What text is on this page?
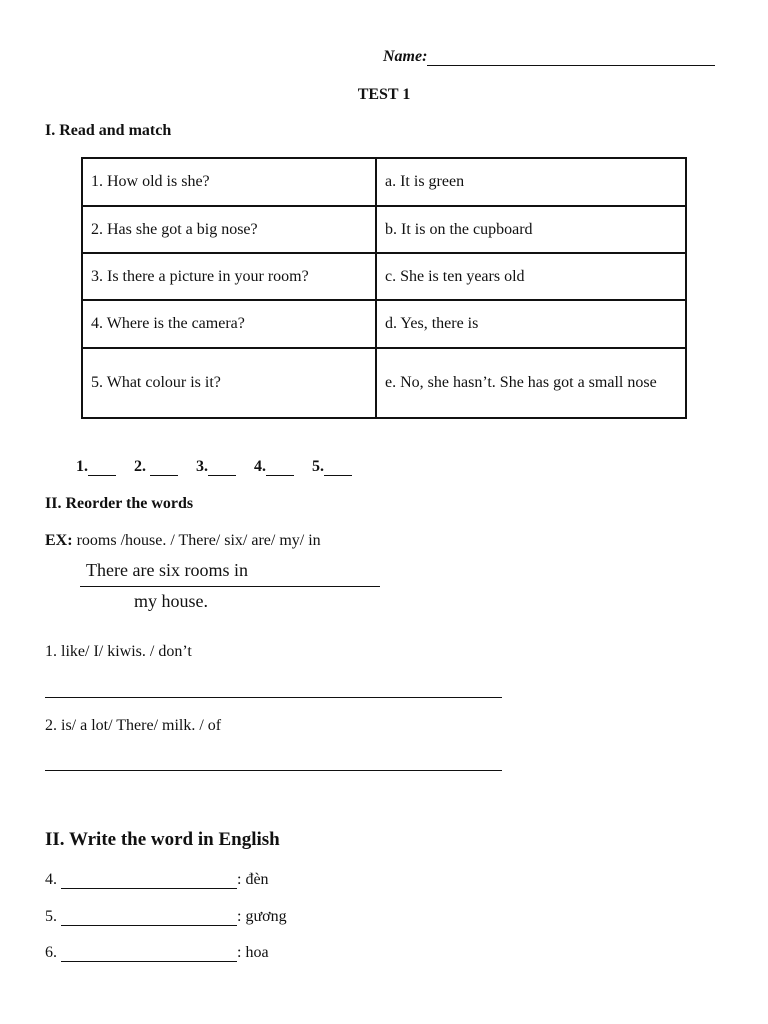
Name:
TEST 1
I. Read and match
1. How old is she?	a. It is green
2. Has she got a big nose?	b. It is on the cupboard
3. Is there a picture in your room?	c. She is ten years old
4. Where is the camera?	d. Yes, there is
5. What colour is it?	e. No, she hasn’t. She has got a small nose
1.	2.	3.	4.	5.
II. Reorder the words
EX: rooms /house. / There/ six/ are/ my/ in
There are six rooms in
my house.
1. like/ I/ kiwis. / don’t
2. is/ a lot/ There/ milk. / of
II. Write the word in English
4.	: đèn
5.	: gương
6.	: hoa
